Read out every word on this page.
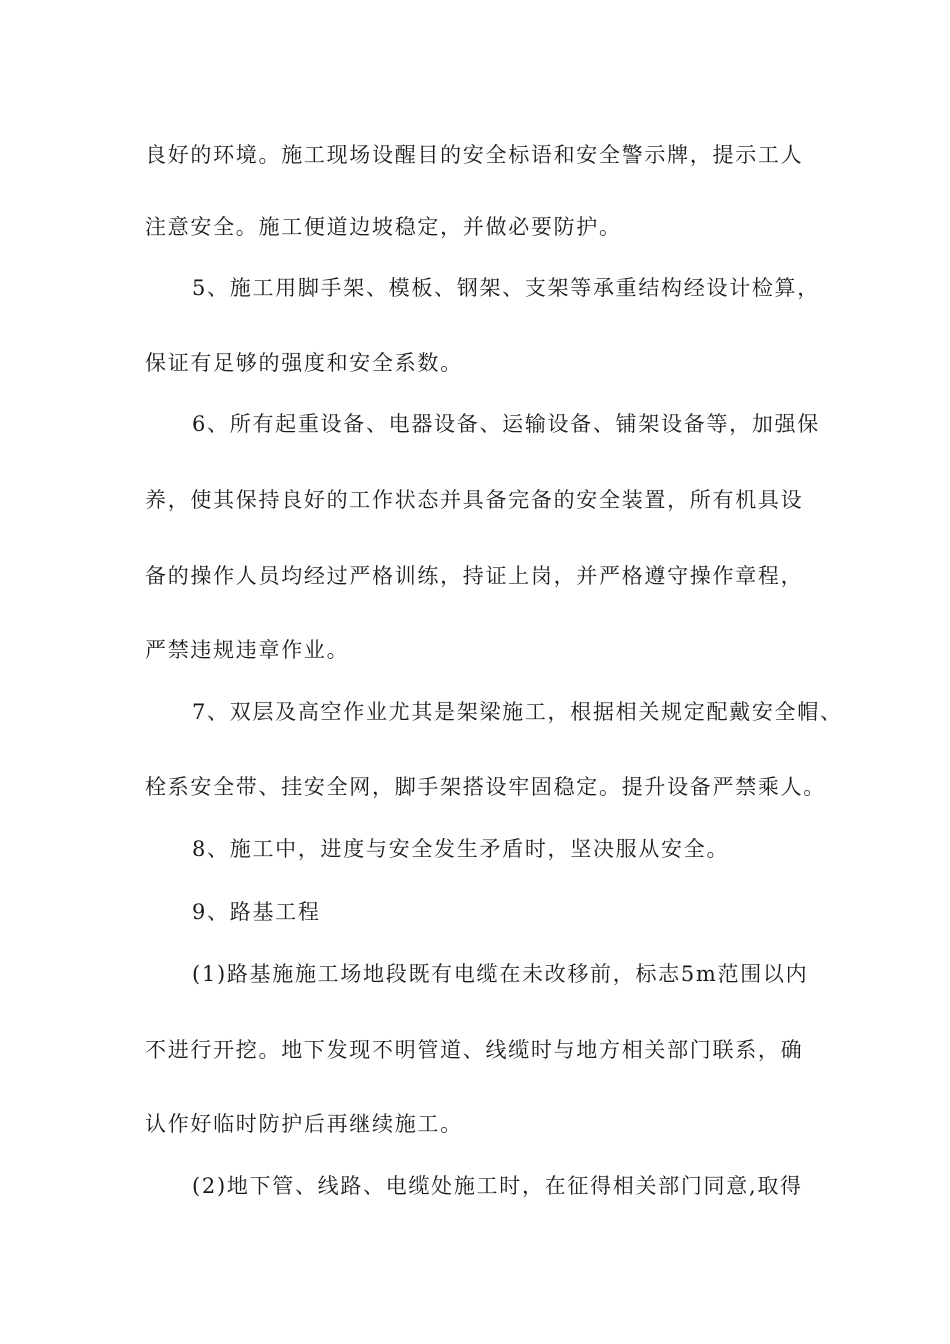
良好的环境。施工现场设醒目的安全标语和安全警示牌，提示工人
注意安全。施工便道边坡稳定，并做必要防护。
5、施工用脚手架、模板、钢架、支架等承重结构经设计检算，
保证有足够的强度和安全系数。
6、所有起重设备、电器设备、运输设备、铺架设备等，加强保
养，使其保持良好的工作状态并具备完备的安全装置，所有机具设
备的操作人员均经过严格训练，持证上岗，并严格遵守操作章程，
严禁违规违章作业。
7、双层及高空作业尤其是架梁施工，根据相关规定配戴安全帽、
栓系安全带、挂安全网，脚手架搭设牢固稳定。提升设备严禁乘人。
8、施工中，进度与安全发生矛盾时，坚决服从安全。
9、路基工程
(1)路基施施工场地段既有电缆在未改移前，标志5m范围以内
不进行开挖。地下发现不明管道、线缆时与地方相关部门联系，确
认作好临时防护后再继续施工。
(2)地下管、线路、电缆处施工时，在征得相关部门同意,取得
